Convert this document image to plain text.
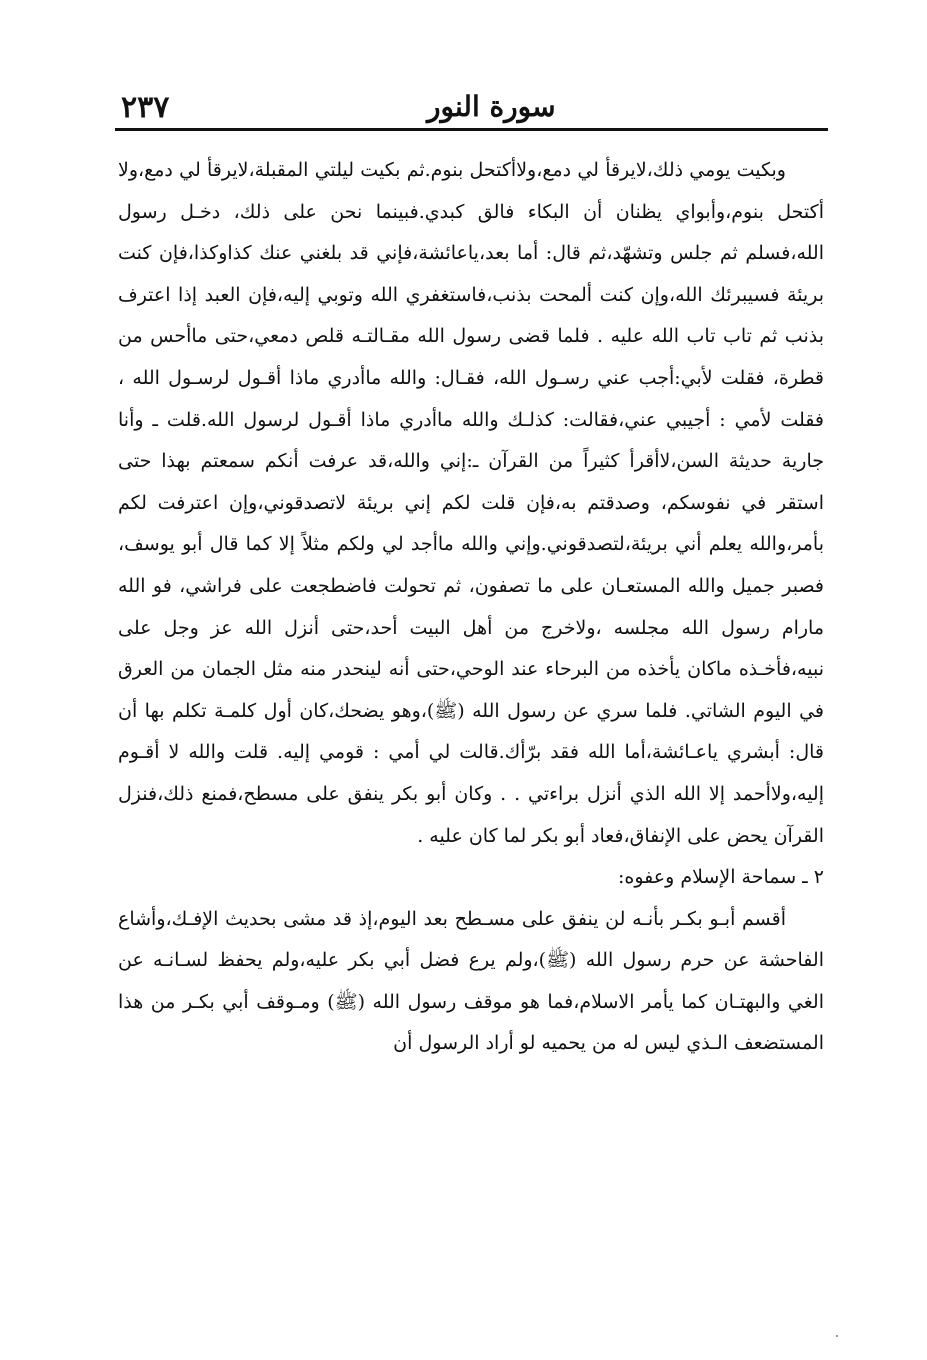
٢٣٧	سورة النور

وبكيت يومي ذلك،لايرقأ لي دمع،ولاأكتحل بنوم.ثم بكيت ليلتي المقبلة،لايرقأ لي دمع،ولا أكتحل بنوم،وأبواي يظنان أن البكاء فالق كبدي.فبينما نحن على ذلك، دخـل رسول الله،فسلم ثم جلس وتشهّد،ثم قال: أما بعد،ياعائشة،فإني قد بلغني عنك كذاوكذا،فإن كنت بريئة فسيبرئك الله،وإن كنت ألمحت بذنب،فاستغفري الله وتوبي إليه،فإن العبد إذا اعترف بذنب ثم تاب تاب الله عليه . فلما قضى رسول الله مقـالتـه قلص دمعي،حتى ماأحس من قطرة، فقلت لأبي:أجب عني رسـول الله، فقـال: والله ماأدري ماذا أقـول لرسـول الله ، فقلت لأمي : أجيبي عني،فقالت: كذلـك والله ماأدري ماذا أقـول لرسول الله.قلت ـ وأنا جارية حديثة السن،لاأقرأ كثيراً من القرآن ـ:إني والله،قد عرفت أنكم سمعتم بهذا حتى استقر في نفوسكم، وصدقتم به،فإن قلت لكم إني بريئة لاتصدقوني،وإن اعترفت لكم بأمر،والله يعلم أني بريئة،لتصدقوني.وإني والله ماأجد لي ولكم مثلاً إلا كما قال أبو يوسف، فصبر جميل والله المستعـان على ما تصفون، ثم تحولت فاضطجعت على فراشي، فو الله مارام رسول الله مجلسه ،ولاخرج من أهل البيت أحد،حتى أنزل الله عز وجل على نبيه،فأخـذه ماكان يأخذه من البرحاء عند الوحي،حتى أنه لينحدر منه مثل الجمان من العرق في اليوم الشاتي. فلما سري عن رسول الله (ﷺ)،وهو يضحك،كان أول كلمـة تكلم بها أن قال: أبشري ياعـائشة،أما الله فقد برّأك.قالت لي أمي : قومي إليه. قلت والله لا أقـوم إليه،ولاأحمد إلا الله الذي أنزل براءتي . . وكان أبو بكر ينفق على مسطح،فمنع ذلك،فنزل القرآن يحض على الإنفاق،فعاد أبو بكر لما كان عليه .

٢ ـ سماحة الإسلام وعفوه:

أقسم أبـو بكـر بأنـه لن ينفق على مسـطح بعد اليوم،إذ قد مشى بحديث الإفـك،وأشاع الفاحشة عن حرم رسول الله (ﷺ)،ولم يرع فضل أبي بكر عليه،ولم يحفظ لسـانـه عن الغي والبهتـان كما يأمر الاسلام،فما هو موقف رسول الله (ﷺ) ومـوقف أبي بكـر من هذا المستضعف الـذي ليس له من يحميه لو أراد الرسول أن
